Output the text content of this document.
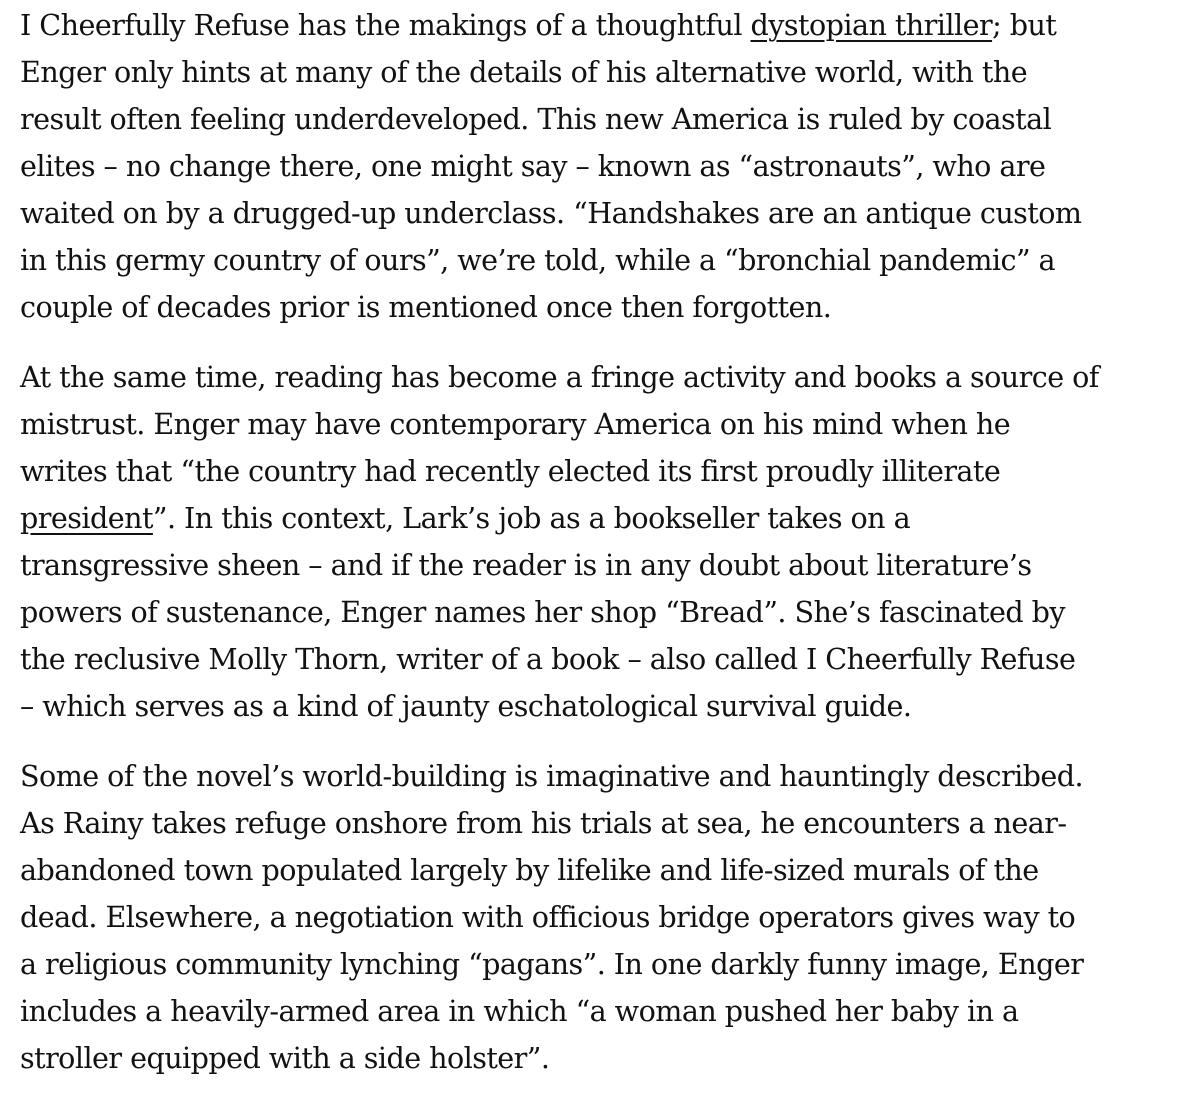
I Cheerfully Refuse has the makings of a thoughtful dystopian thriller; but
Enger only hints at many of the details of his alternative world, with the
result often feeling underdeveloped. This new America is ruled by coastal
elites – no change there, one might say – known as “astronauts”, who are
waited on by a drugged-up underclass. “Handshakes are an antique custom
in this germy country of ours”, we’re told, while a “bronchial pandemic” a
couple of decades prior is mentioned once then forgotten.

At the same time, reading has become a fringe activity and books a source of
mistrust. Enger may have contemporary America on his mind when he
writes that “the country had recently elected its first proudly illiterate
president”. In this context, Lark’s job as a bookseller takes on a
transgressive sheen – and if the reader is in any doubt about literature’s
powers of sustenance, Enger names her shop “Bread”. She’s fascinated by
the reclusive Molly Thorn, writer of a book – also called I Cheerfully Refuse
– which serves as a kind of jaunty eschatological survival guide.

Some of the novel’s world-building is imaginative and hauntingly described.
As Rainy takes refuge onshore from his trials at sea, he encounters a near-
abandoned town populated largely by lifelike and life-sized murals of the
dead. Elsewhere, a negotiation with officious bridge operators gives way to
a religious community lynching “pagans”. In one darkly funny image, Enger
includes a heavily-armed area in which “a woman pushed her baby in a
stroller equipped with a side holster”.
